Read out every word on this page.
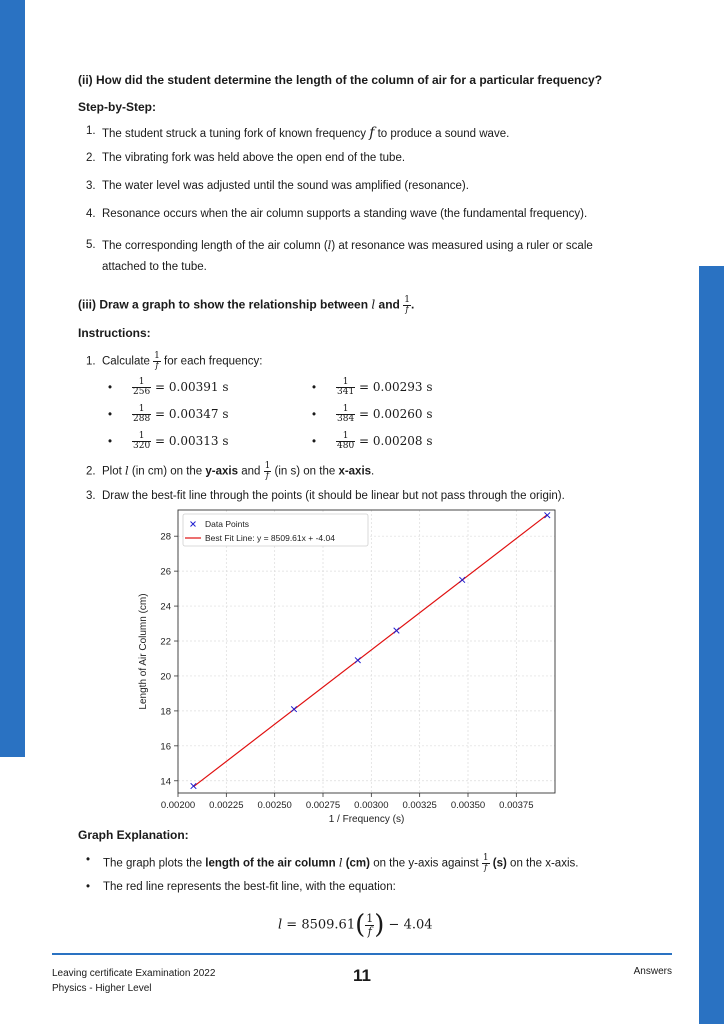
(ii) How did the student determine the length of the column of air for a particular frequency?
Step-by-Step:
1. The student struck a tuning fork of known frequency f to produce a sound wave.
2. The vibrating fork was held above the open end of the tube.
3. The water level was adjusted until the sound was amplified (resonance).
4. Resonance occurs when the air column supports a standing wave (the fundamental frequency).
5. The corresponding length of the air column (l) at resonance was measured using a ruler or scale
attached to the tube.
(iii) Draw a graph to show the relationship between l and $\frac{1}{f}$ .
Instructions:
1. Calculate $\frac{1}{f}$ for each frequency:
• $\frac{1}{256} = 0.00391$ s	• $\frac{1}{341} = 0.00293$ s
• $\frac{1}{288} = 0.00347$ s	• $\frac{1}{384} = 0.00260$ s
• $\frac{1}{320} = 0.00313$ s	• $\frac{1}{480} = 0.00208$ s
2. Plot l (in cm) on the y-axis and $\frac{1}{f} (in$ s) on the x-axis.
3. Draw the best-fit line through the points (it should be linear but not pass through the origin).
0.00200 0.00225 0.00250 0.00275 0.00300 0.00325 0.00350 0.00375
14
16
18
20
22
24
26
28
1 / Frequency (s)
Length of Air Column (cm)
Data Points
Best Fit Line: y = 8509.61x + -4.04
Graph Explanation:
• The graph plots the length of the air column l (cm) on the y-axis against $\frac{1}{f} (s)$ on the x-axis.
• The red line represents the best-fit line, with the equation:
$l = 8509.61( \frac{1}{f}$ ) − 4.04
Leaving certificate Examination 2022
Physics - Higher Level
11	Answers
